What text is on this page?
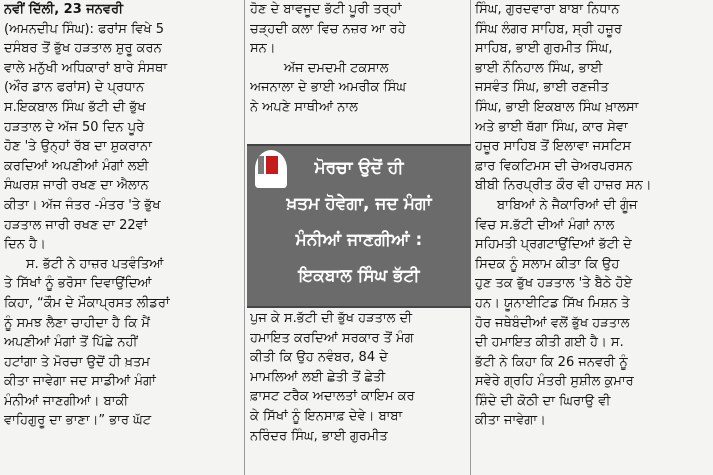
ਨਵੀਂ ਦਿੱਲੀ, 23 ਜਨਵਰੀ
(ਅਮਨਦੀਪ ਸਿੰਘ): ਫਰਾਂਸ ਵਿਖੇ 5
ਦਸੰਬਰ ਤੋਂ ਭੁੱਖ ਹੜਤਾਲ ਸ਼ੁਰੂ ਕਰਨ
ਵਾਲੇ ਮਨੁੱਖੀ ਅਧਿਕਾਰਾਂ ਬਾਰੇ ਸੰਸਥਾ
(ਔਰ ਡਾਨ ਫਰਾਂਸ) ਦੇ ਪ੍ਰਧਾਨ
ਸ.ਇਕਬਾਲ ਸਿੰਘ ਭੱਟੀ ਦੀ ਭੁੱਖ
ਹੜਤਾਲ ਦੇ ਅੱਜ 50 ਦਿਨ ਪੂਰੇ
ਹੋਣ 'ਤੇ ਉਨ੍ਹਾਂ ਰੱਬ ਦਾ ਸ਼ੁਕਰਾਨਾ
ਕਰਦਿਆਂ ਅਪਣੀਆਂ ਮੰਗਾਂ ਲਈ
ਸੰਘਰਸ਼ ਜਾਰੀ ਰਖਣ ਦਾ ਐਲਾਨ
ਕੀਤਾ। ਅੱਜ ਜੰਤਰ -ਮੰਤਰ 'ਤੇ ਭੁੱਖ
ਹੜਤਾਲ ਜਾਰੀ ਰਖਣ ਦਾ 22ਵਾਂ
ਦਿਨ ਹੈ।
ਸ. ਭੱਟੀ ਨੇ ਹਾਜ਼ਰ ਪਤਵੰਤਿਆਂ
ਤੇ ਸਿੱਖਾਂ ਨੂੰ ਭਰੋਸਾ ਦਿਵਾਉਂਦਿਆਂ
ਕਿਹਾ, “ਕੌਮ ਦੇ ਮੌਕਾਪ੍ਰਸਤ ਲੀਡਰਾਂ
ਨੂੰ ਸਮਝ ਲੈਣਾ ਚਾਹੀਦਾ ਹੈ ਕਿ ਮੈਂ
ਅਪਣੀਆਂ ਮੰਗਾਂ ਤੋਂ ਪਿੱਛੇ ਨਹੀਂ
ਹਟਾਂਗਾ ਤੇ ਮੋਰਚਾ ਉਦੋਂ ਹੀ ਖ਼ਤਮ
ਕੀਤਾ ਜਾਵੇਗਾ ਜਦ ਸਾਡੀਆਂ ਮੰਗਾਂ
ਮੰਨੀਆਂ ਜਾਣਗੀਆਂ। ਬਾਕੀ
ਵਾਹਿਗੁਰੂ ਦਾ ਭਾਣਾ।” ਭਾਰ ਘੱਟ
ਹੋਣ ਦੇ ਬਾਵਜੂਦ ਭੱਟੀ ਪੂਰੀ ਤਰ੍ਹਾਂ
ਚੜ੍ਹਦੀ ਕਲਾ ਵਿਚ ਨਜ਼ਰ ਆ ਰਹੇ
ਸਨ।
ਅੱਜ ਦਮਦਮੀ ਟਕਸਾਲ
ਅਜਨਾਲਾ ਦੇ ਭਾਈ ਅਮਰੀਕ ਸਿੰਘ
ਨੇ ਅਪਣੇ ਸਾਥੀਆਂ ਨਾਲ
ਮੋਰਚਾ ਉਦੋਂ ਹੀ
ਖ਼ਤਮ ਹੋਵੇਗਾ, ਜਦ ਮੰਗਾਂ
ਮੰਨੀਆਂ ਜਾਣਗੀਆਂ :
ਇਕਬਾਲ ਸਿੰਘ ਭੱਟੀ
ਪੁਜ ਕੇ ਸ.ਭੱਟੀ ਦੀ ਭੁੱਖ ਹੜਤਾਲ ਦੀ
ਹਮਾਇਤ ਕਰਦਿਆਂ ਸਰਕਾਰ ਤੋਂ ਮੰਗ
ਕੀਤੀ ਕਿ ਉਹ ਨਵੰਬਰ, 84 ਦੇ
ਮਾਮਲਿਆਂ ਲਈ ਛੇਤੀ ਤੋਂ ਛੇਤੀ
ਫ਼ਾਸਟ ਟਰੈਕ ਅਦਾਲਤਾਂ ਕਾਇਮ ਕਰ
ਕੇ ਸਿੱਖਾਂ ਨੂੰ ਇਨਸਾਫ਼ ਦੇਵੇ। ਬਾਬਾ
ਨਰਿੰਦਰ ਸਿੰਘ, ਭਾਈ ਗੁਰਮੀਤ
ਸਿੰਘ, ਗੁਰਦਵਾਰਾ ਬਾਬਾ ਨਿਧਾਨ
ਸਿੰਘ ਲੰਗਰ ਸਾਹਿਬ, ਸ੍ਰੀ ਹਜ਼ੂਰ
ਸਾਹਿਬ, ਭਾਈ ਗੁਰਮੀਤ ਸਿੰਘ,
ਭਾਈ ਨੌਨਿਹਾਲ ਸਿੰਘ, ਭਾਈ
ਜਸਵੰਤ ਸਿੰਘ, ਭਾਈ ਰਣਜੀਤ
ਸਿੰਘ, ਭਾਈ ਇਕਬਾਲ ਸਿੰਘ ਖ਼ਾਲਸਾ
ਅਤੇ ਭਾਈ ਥੱਗਾ ਸਿੰਘ, ਕਾਰ ਸੇਵਾ
ਹਜ਼ੂਰ ਸਾਹਿਬ ਤੋਂ ਇਲਾਵਾ ਜਸਟਿਸ
ਫ਼ਾਰ ਵਿਕਟਿਮਸ ਦੀ ਚੇਅਰਪਰਸਨ
ਬੀਬੀ ਨਿਰਪ੍ਰੀਤ ਕੌਰ ਵੀ ਹਾਜ਼ਰ ਸਨ।
ਬਾਬਿਆਂ ਨੇ ਜੈਕਾਰਿਆਂ ਦੀ ਗੂੰਜ
ਵਿਚ ਸ.ਭੱਟੀ ਦੀਆਂ ਮੰਗਾਂ ਨਾਲ
ਸਹਿਮਤੀ ਪ੍ਰਗਟਾਉਂਦਿਆਂ ਭੱਟੀ ਦੇ
ਸਿਦਕ ਨੂੰ ਸਲਾਮ ਕੀਤਾ ਕਿ ਉਹ
ਹੁਣ ਤਕ ਭੁੱਖ ਹੜਤਾਲ 'ਤੇ ਬੈਠੇ ਹੋਏ
ਹਨ। ਯੂਨਾਈਟਿਡ ਸਿੱਖ ਮਿਸ਼ਨ ਤੇ
ਹੋਰ ਜਥੇਬੰਦੀਆਂ ਵਲੋਂ ਭੁੱਖ ਹੜਤਾਲ
ਦੀ ਹਮਾਇਤ ਕੀਤੀ ਗਈ ਹੈ। ਸ.
ਭੱਟੀ ਨੇ ਕਿਹਾ ਕਿ 26 ਜਨਵਰੀ ਨੂੰ
ਸਵੇਰੇ ਗ੍ਰਹਿ ਮੰਤਰੀ ਸੁਸ਼ੀਲ ਕੁਮਾਰ
ਸ਼ਿੰਦੇ ਦੀ ਕੋਠੀ ਦਾ ਘਿਰਾਉ ਵੀ
ਕੀਤਾ ਜਾਵੇਗਾ।
